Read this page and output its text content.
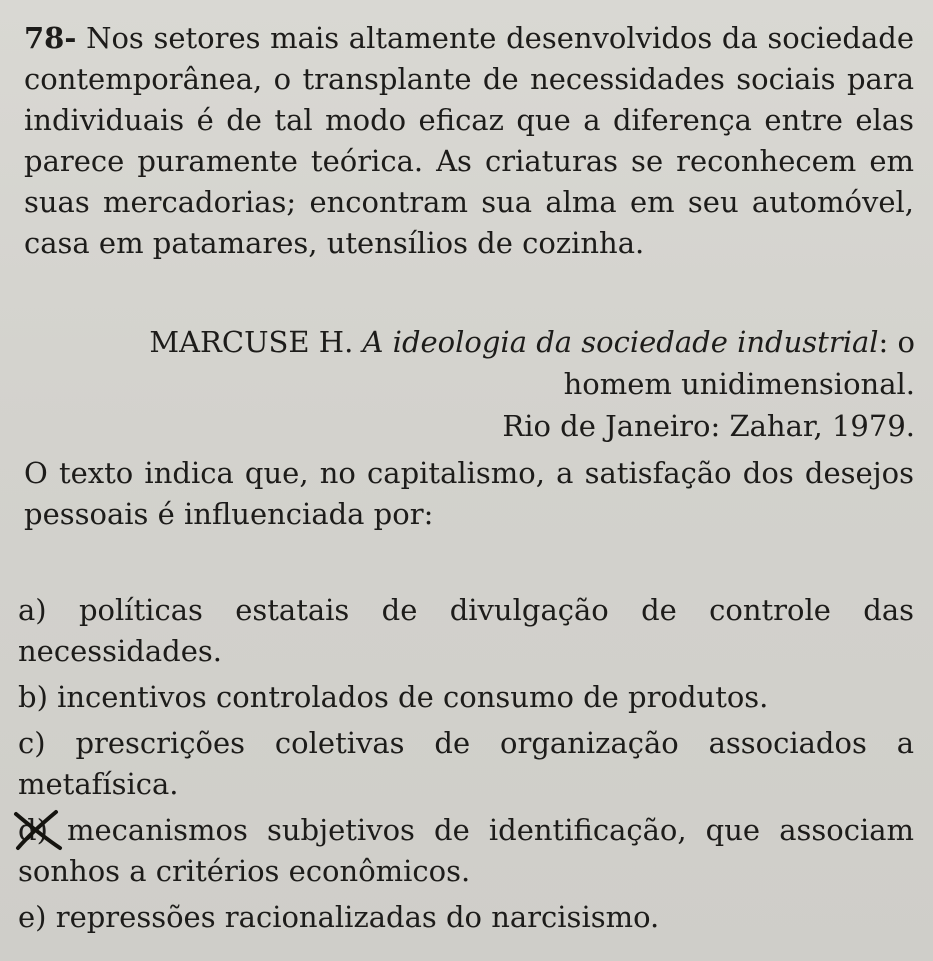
78- Nos setores mais altamente desenvolvidos da sociedade contemporânea, o transplante de necessidades sociais para individuais é de tal modo eficaz que a diferença entre elas parece puramente teórica. As criaturas se reconhecem em suas mercadorias; encontram sua alma em seu automóvel, casa em patamares, utensílios de cozinha.
MARCUSE H. A ideologia da sociedade industrial: o
homem unidimensional.
Rio de Janeiro: Zahar, 1979.
O texto indica que, no capitalismo, a satisfação dos desejos pessoais é influenciada por:
a) políticas estatais de divulgação de controle das necessidades.
b) incentivos controlados de consumo de produtos.
c) prescrições coletivas de organização associados a metafísica.
d) mecanismos subjetivos de identificação, que associam sonhos a critérios econômicos.
e) repressões racionalizadas do narcisismo.
